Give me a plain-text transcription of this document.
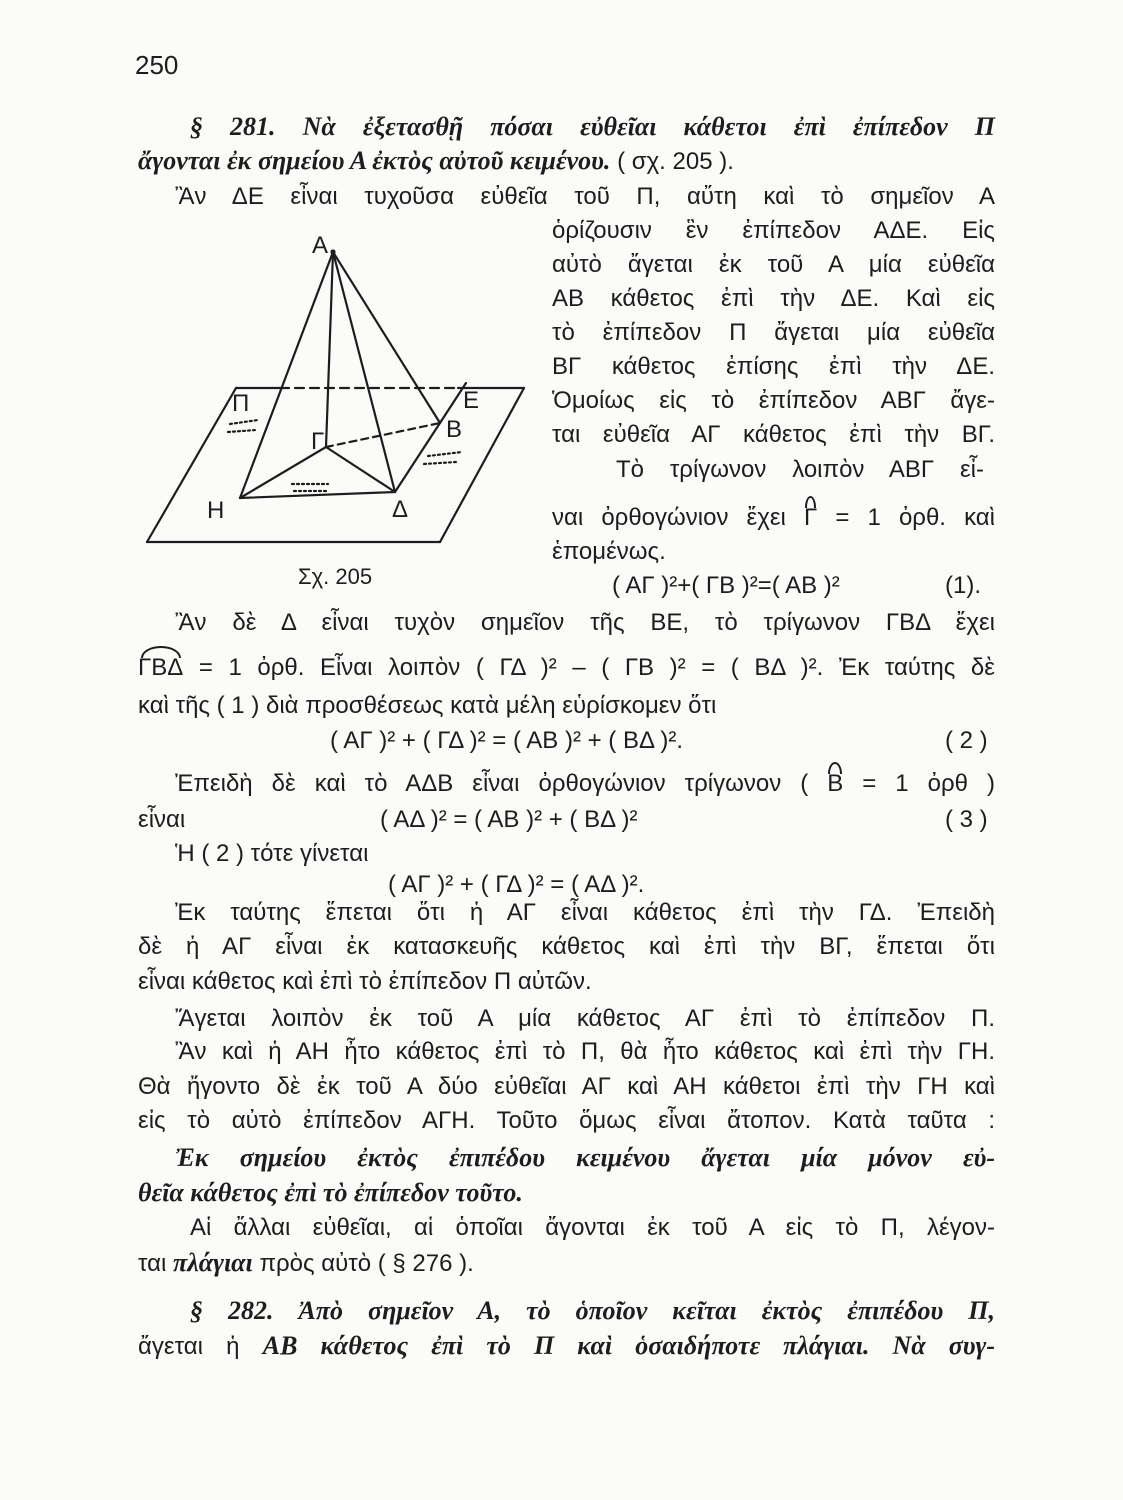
250
§ 281. Νὰ ἐξετασθῇ πόσαι εὐθεῖαι κάθετοι ἐπὶ ἐπίπεδον Π
ἄγονται ἐκ σημείου Α ἐκτὸς αὐτοῦ κειμένου. ( σχ. 205 ).
Ἂν ΔΕ εἶναι τυχοῦσα εὐθεῖα τοῦ Π, αὔτη καὶ τὸ σημεῖον Α
ὁρίζουσιν ἓν ἐπίπεδον ΑΔΕ. Εἰς
αὐτὸ ἄγεται ἐκ τοῦ Α μία εὐθεῖα
ΑΒ κάθετος ἐπὶ τὴν ΔΕ. Καὶ εἰς
τὸ ἐπίπεδον Π ἄγεται μία εὐθεῖα
ΒΓ κάθετος ἐπίσης ἐπὶ τὴν ΔΕ.
Ὁμοίως εἰς τὸ ἐπίπεδον ΑΒΓ ἄγε-
ται εὐθεῖα ΑΓ κάθετος ἐπὶ τὴν ΒΓ.
Τὸ τρίγωνον λοιπὸν ΑΒΓ εἶ-
ναι ὀρθογώνιον ἔχει Γ = 1 ὀρθ. καὶ
ἑπομένως.
( ΑΓ )²+( ΓΒ )²=( ΑΒ )²	(1).
Α
Π	Ε
Β
Γ
Η	Δ
Σχ. 205
Ἂν δὲ Δ εἶναι τυχὸν σημεῖον τῆς ΒΕ, τὸ τρίγωνον ΓΒΔ ἔχει
ΓΒΔ = 1 ὀρθ. Εἶναι λοιπὸν ( ΓΔ )² – ( ΓΒ )² = ( ΒΔ )². Ἐκ ταύτης δὲ
καὶ τῆς ( 1 ) διὰ προσθέσεως κατὰ μέλη εὑρίσκομεν ὅτι
( ΑΓ )² + ( ΓΔ )² = ( ΑΒ )² + ( ΒΔ )².	( 2 )
Ἐπειδὴ δὲ καὶ τὸ ΑΔΒ εἶναι ὀρθογώνιον τρίγωνον ( Β = 1 ὀρθ )
εἶναι	( ΑΔ )² = ( ΑΒ )² + ( ΒΔ )²	( 3 )
Ἡ ( 2 ) τότε γίνεται
( ΑΓ )² + ( ΓΔ )² = ( ΑΔ )².
Ἐκ ταύτης ἕπεται ὅτι ἡ ΑΓ εἶναι κάθετος ἐπὶ τὴν ΓΔ. Ἐπειδὴ
δὲ ἡ ΑΓ εἶναι ἐκ κατασκευῆς κάθετος καὶ ἐπὶ τὴν ΒΓ, ἕπεται ὅτι
εἶναι κάθετος καὶ ἐπὶ τὸ ἐπίπεδον Π αὐτῶν.
Ἄγεται λοιπὸν ἐκ τοῦ Α μία κάθετος ΑΓ ἐπὶ τὸ ἐπίπεδον Π.
Ἂν καὶ ἡ ΑΗ ἦτο κάθετος ἐπὶ τὸ Π, θὰ ἦτο κάθετος καὶ ἐπὶ τὴν ΓΗ.
Θὰ ἤγοντο δὲ ἐκ τοῦ Α δύο εὐθεῖαι ΑΓ καὶ ΑΗ κάθετοι ἐπὶ τὴν ΓΗ καὶ
εἰς τὸ αὐτὸ ἐπίπεδον ΑΓΗ. Τοῦτο ὅμως εἶναι ἄτοπον. Κατὰ ταῦτα :
Ἐκ σημείου ἐκτὸς ἐπιπέδου κειμένου ἄγεται μία μόνον εὐ-
θεῖα κάθετος ἐπὶ τὸ ἐπίπεδον τοῦτο.
Αἱ ἄλλαι εὐθεῖαι, αἱ ὁποῖαι ἄγονται ἐκ τοῦ Α εἰς τὸ Π, λέγον-
ται πλάγιαι πρὸς αὐτὸ ( § 276 ).
§ 282. Ἀπὸ σημεῖον Α, τὸ ὁποῖον κεῖται ἐκτὸς ἐπιπέδου Π,
ἄγεται ἡ ΑΒ κάθετος ἐπὶ τὸ Π καὶ ὁσαιδήποτε πλάγιαι. Νὰ συγ-
